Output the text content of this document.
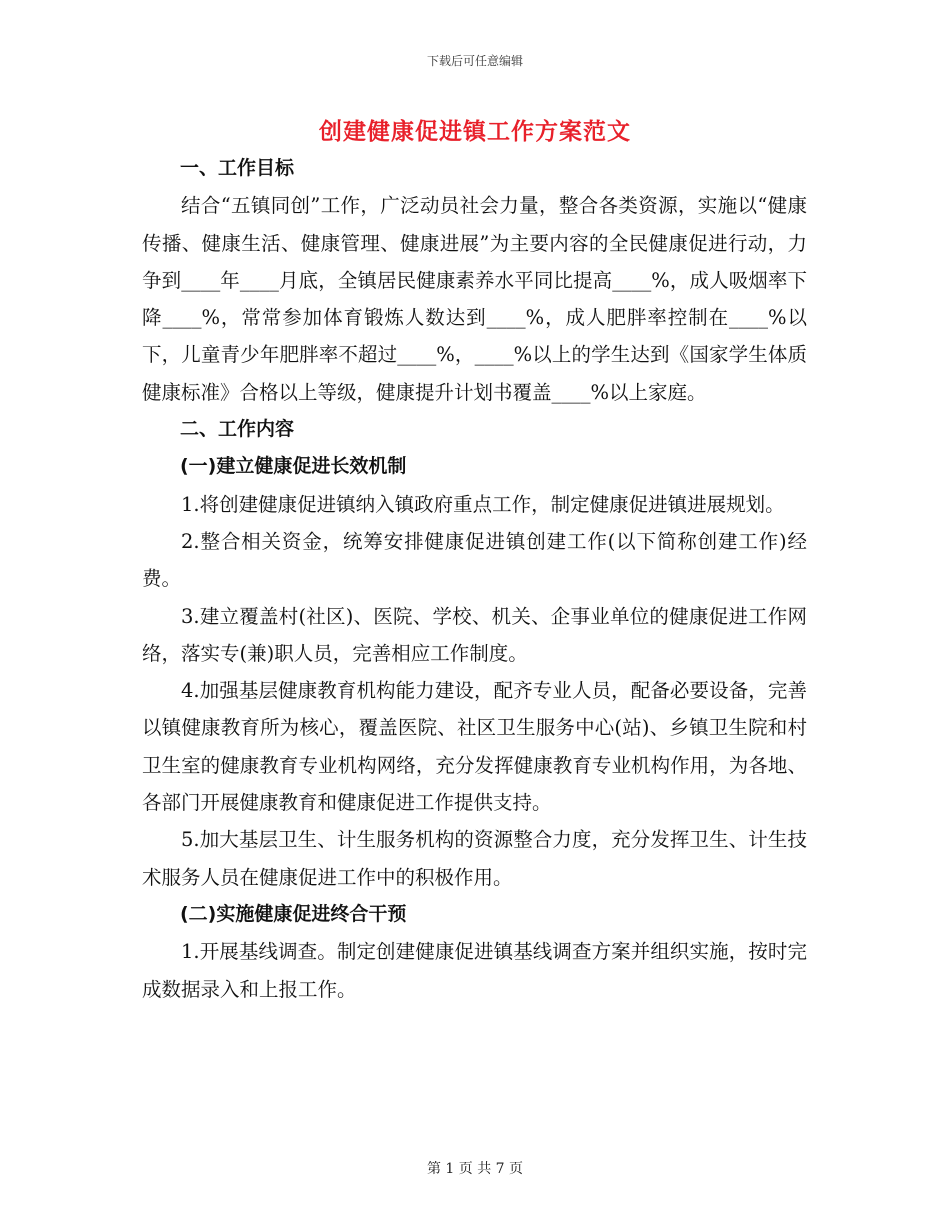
下载后可任意编辑
创建健康促进镇工作方案范文

一、工作目标

结合“五镇同创”工作，广泛动员社会力量，整合各类资源，实施以“健康传播、健康生活、健康管理、健康进展”为主要内容的全民健康促进行动，力争到____年____月底，全镇居民健康素养水平同比提高____%，成人吸烟率下降____%，常常参加体育锻炼人数达到____%，成人肥胖率控制在____%以下，儿童青少年肥胖率不超过____%，____%以上的学生达到《国家学生体质健康标准》合格以上等级，健康提升计划书覆盖____%以上家庭。

二、工作内容

(一)建立健康促进长效机制

1.将创建健康促进镇纳入镇政府重点工作，制定健康促进镇进展规划。

2.整合相关资金，统筹安排健康促进镇创建工作(以下简称创建工作)经费。

3.建立覆盖村(社区)、医院、学校、机关、企事业单位的健康促进工作网络，落实专(兼)职人员，完善相应工作制度。

4.加强基层健康教育机构能力建设，配齐专业人员，配备必要设备，完善以镇健康教育所为核心，覆盖医院、社区卫生服务中心(站)、乡镇卫生院和村卫生室的健康教育专业机构网络，充分发挥健康教育专业机构作用，为各地、各部门开展健康教育和健康促进工作提供支持。

5.加大基层卫生、计生服务机构的资源整合力度，充分发挥卫生、计生技术服务人员在健康促进工作中的积极作用。

(二)实施健康促进终合干预

1.开展基线调查。制定创建健康促进镇基线调查方案并组织实施，按时完成数据录入和上报工作。

第 1 页 共 7 页
